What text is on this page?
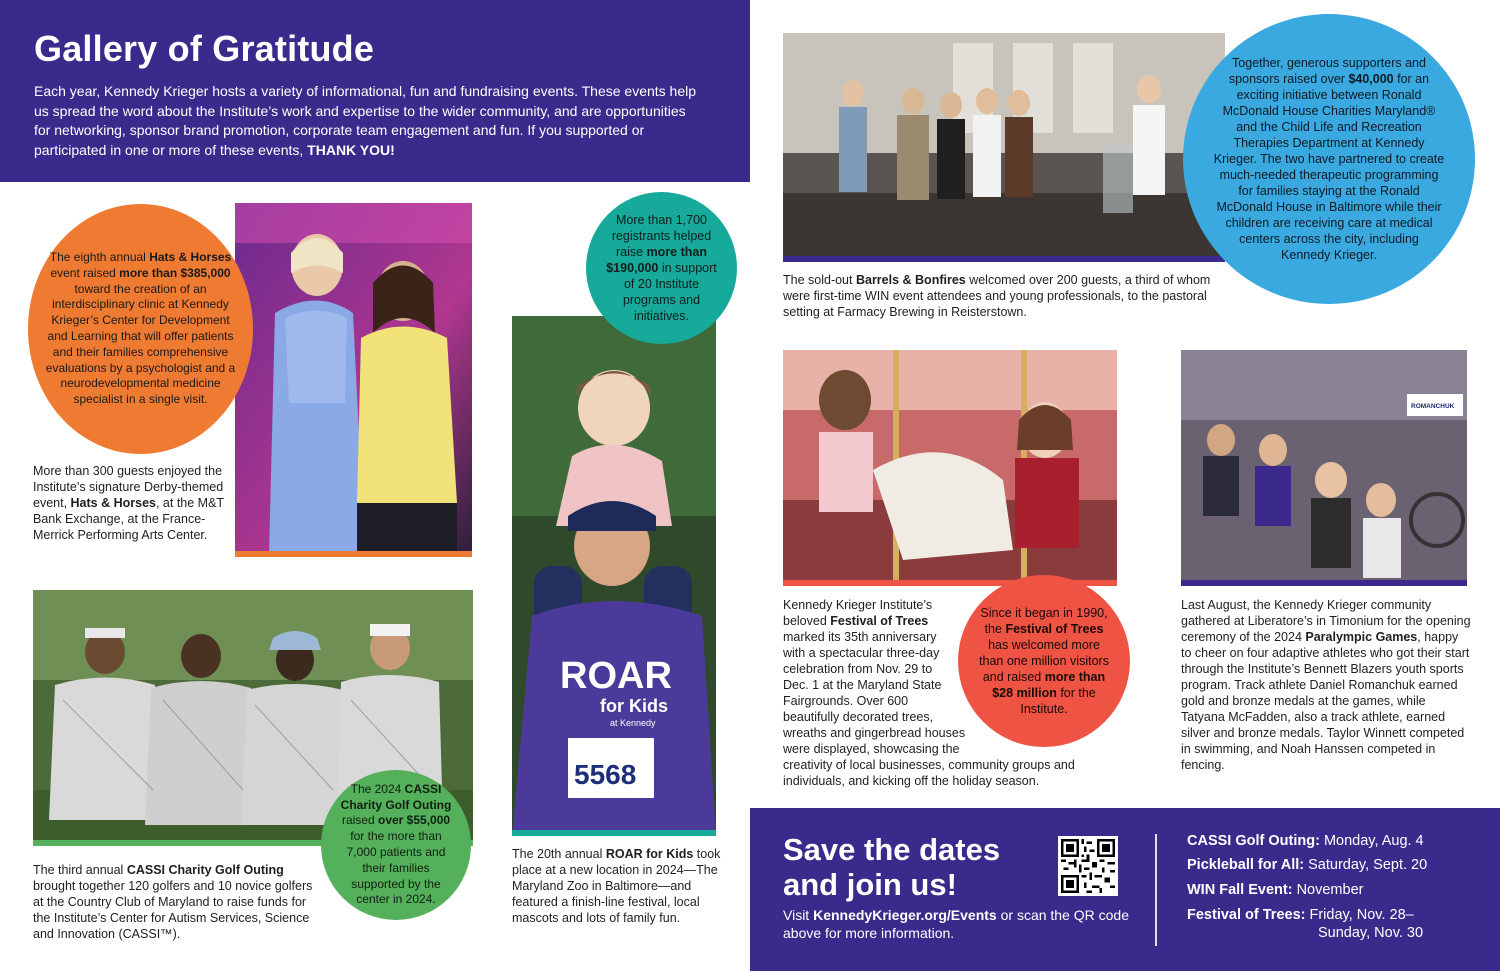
Gallery of Gratitude

Each year, Kennedy Krieger hosts a variety of informational, fun and fundraising events. These events help us spread the word about the Institute’s work and expertise to the wider community, and are opportunities for networking, sponsor brand promotion, corporate team engagement and fun. If you supported or participated in one or more of these events, THANK YOU!

The eighth annual Hats & Horses event raised more than $385,000 toward the creation of an interdisciplinary clinic at Kennedy Krieger’s Center for Development and Learning that will offer patients and their families comprehensive evaluations by a psychologist and a neurodevelopmental medicine specialist in a single visit.
More than 300 guests enjoyed the Institute’s signature Derby-themed event, Hats & Horses, at the M&T Bank Exchange, at the France-Merrick Performing Arts Center.
The 2024 CASSI Charity Golf Outing raised over $55,000 for the more than 7,000 patients and their families supported by the center in 2024.
The third annual CASSI Charity Golf Outing brought together 120 golfers and 10 novice golfers at the Country Club of Maryland to raise funds for the Institute’s Center for Autism Services, Science and Innovation (CASSI™).
ROAR
for Kids
at Kennedy
5568
More than 1,700 registrants helped raise more than $190,000 in support of 20 Institute programs and initiatives.
The 20th annual ROAR for Kids took place at a new location in 2024—The Maryland Zoo in Baltimore—and featured a finish-line festival, local mascots and lots of family fun.
The sold-out Barrels & Bonfires welcomed over 200 guests, a third of whom were first-time WIN event attendees and young professionals, to the pastoral setting at Farmacy Brewing in Reisterstown.
Together, generous supporters and sponsors raised over $40,000 for an exciting initiative between Ronald McDonald House Charities Maryland® and the Child Life and Recreation Therapies Department at Kennedy Krieger. The two have partnered to create much-needed therapeutic programming for families staying at the Ronald McDonald House in Baltimore while their children are receiving care at medical centers across the city, including Kennedy Krieger.
Since it began in 1990, the Festival of Trees has welcomed more than one million visitors and raised more than $28 million for the Institute.
Kennedy Krieger Institute’s beloved Festival of Trees marked its 35th anniversary with a spectacular three-day celebration from Nov. 29 to Dec. 1 at the Maryland State Fairgrounds. Over 600 beautifully decorated trees, wreaths and gingerbread houses were displayed, showcasing the creativity of local businesses, community groups and individuals, and kicking off the holiday season.
ROMANCHUK
Last August, the Kennedy Krieger community gathered at Liberatore’s in Timonium for the opening ceremony of the 2024 Paralympic Games, happy to cheer on four adaptive athletes who got their start through the Institute’s Bennett Blazers youth sports program. Track athlete Daniel Romanchuk earned gold and bronze medals at the games, while Tatyana McFadden, also a track athlete, earned silver and bronze medals. Taylor Winnett competed in swimming, and Noah Hanssen competed in fencing.
Save the dates and join us!
Visit KennedyKrieger.org/Events or scan the QR code above for more information.
CASSI Golf Outing: Monday, Aug. 4
Pickleball for All: Saturday, Sept. 20
WIN Fall Event: November
Festival of Trees: Friday, Nov. 28–
Sunday, Nov. 30
